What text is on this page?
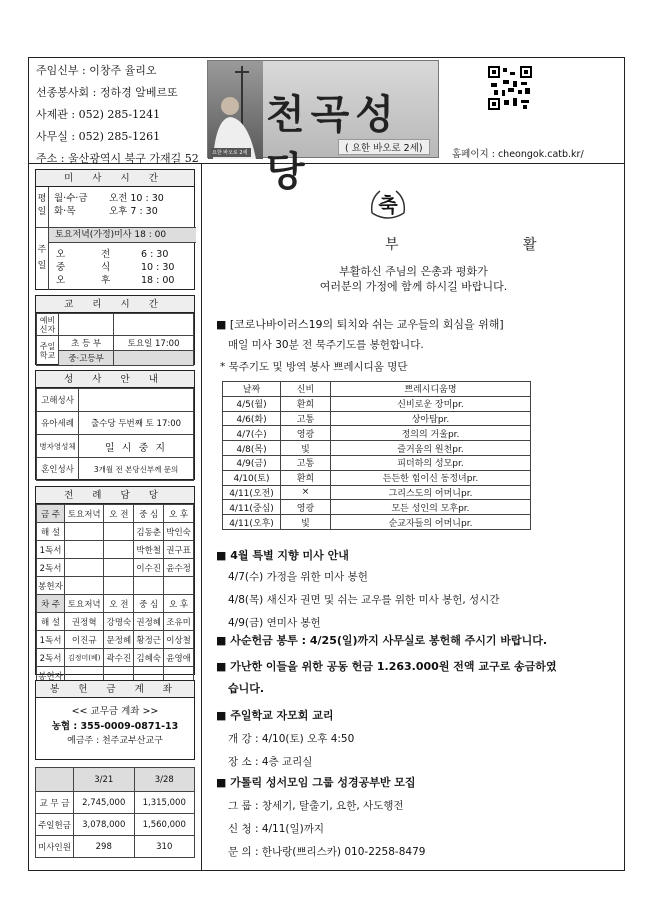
주임신부 : 이창주 율리오
선종봉사회 : 정하경 알베르또
사제관 : 052) 285-1241
사무실 : 052) 285-1261
주소 : 울산광역시 북구 가재길 52	요한 바오로 2세
천곡성당
( 요한 바오로 2세)
홈페이지 : cheongok.catb.kr/
미 사 시 간
평일
월·수·금 오전 10 : 30
화·목	오후 7 : 30
주일
토요저녁(가정)미사 18 : 00
오	전	6 : 30
중	식	10 : 30
오	후	18 : 00
교 리 시 간
예비신자		
주일학교	초 등 부	토요일 17:00
	중·고등부	
성 사 안 내
고해성사	
유아세례	출수당 두번째 토 17:00
병자영성체	일 시 중 지
혼인성사	3개월 전 본당신부께 문의
전 례 담 당
금 주	토요저녁	오 전	중 심	오 후
해 설			김동춘	박인숙
1독서			박한철	권구표
2독서			이수진	윤수정
봉헌자				
차 주	토요저녁	오 전	중 심	오 후
해 설	권정혁	강명숙	권정혜	조유미
1독서	이진규	문정혜	황정근	이상철
2독서	김정미(베)	곽수진	김혜숙	윤영애
봉헌자				
봉 헌 금 계 좌
<< 교무금 계좌 >>
농협 : 355-0009-0871-13
예금주 : 천주교부산교구
	3/21	3/28
교 무 금	2,745,000	1,315,000
주일헌금	3,078,000	1,560,000
미사인원	298	310
축
부 활

부활하신 주님의 은총과 평화가

여러분의 가정에 함께 하시길 바랍니다.

■ [코로나바이러스19의 퇴치와 쉬는 교우들의 회심을 위해]

매일 미사 30분 전 묵주기도를 봉헌합니다.

* 묵주기도 및 방역 봉사 쁘레시디움 명단

날짜	신비	쁘레시디움명
4/5(월)	환희	신비로운 장미pr.
4/6(화)	고통	상아탑pr.
4/7(수)	영광	정의의 거울pr.
4/8(목)	빛	즐거움의 원천pr.
4/9(금)	고통	피더하의 성모pr.
4/10(토)	환희	든든한 힘이신 동정녀pr.
4/11(오전)	×	그리스도의 어머니pr.
4/11(중심)	영광	모든 성인의 모후pr.
4/11(오후)	빛	순교자들의 어머니pr.

■ 4월 특별 지향 미사 안내

4/7(수) 가정을 위한 미사 봉헌

4/8(목) 새신자 권면 및 쉬는 교우를 위한 미사 봉헌, 성시간

4/9(금) 연미사 봉헌

■ 사순헌금 봉투 : 4/25(일)까지 사무실로 봉헌해 주시기 바랍니다.

■ 가난한 이들을 위한 공동 헌금 1.263.000원 전액 교구로 송금하였

습니다.

■ 주일학교 자모회 교리

개 강 : 4/10(토) 오후 4:50

장 소 : 4층 교리실

■ 가톨릭 성서모임 그룹 성경공부반 모집

그 룹 : 창세기, 탈출기, 요한, 사도행전

신 청 : 4/11(일)까지

문 의 : 한나랑(쁘리스카) 010-2258-8479
